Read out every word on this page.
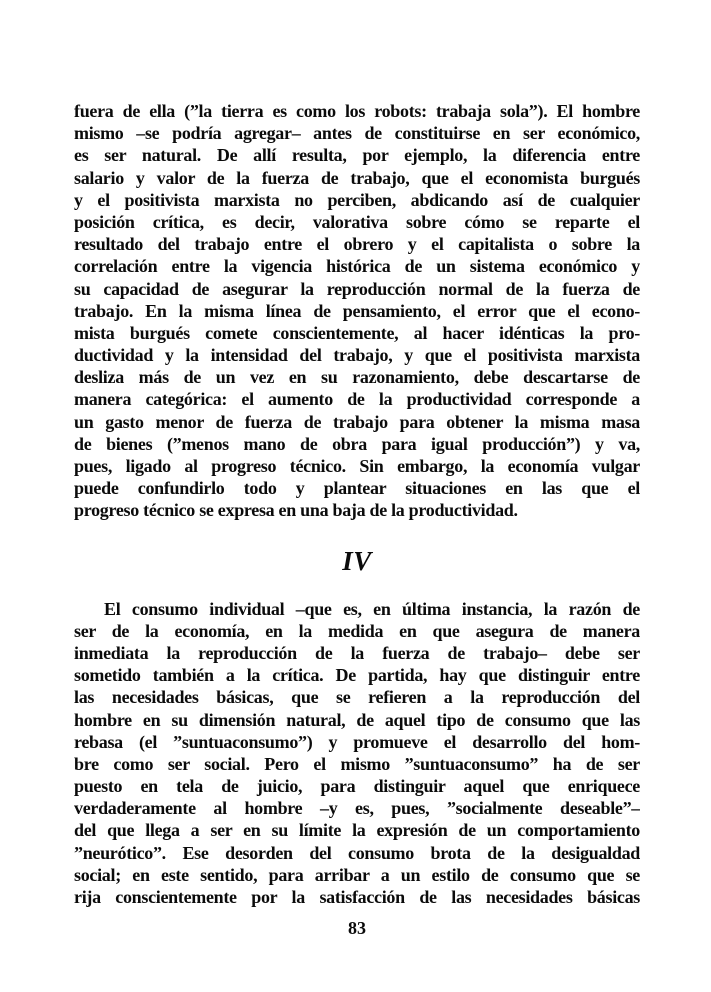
fuera de ella (”la tierra es como los robots: trabaja sola”). El hombre
mismo –se podría agregar– antes de constituirse en ser económico,
es ser natural. De allí resulta, por ejemplo, la diferencia entre
salario y valor de la fuerza de trabajo, que el economista burgués
y el positivista marxista no perciben, abdicando así de cualquier
posición crítica, es decir, valorativa sobre cómo se reparte el
resultado del trabajo entre el obrero y el capitalista o sobre la
correlación entre la vigencia histórica de un sistema económico y
su capacidad de asegurar la reproducción normal de la fuerza de
trabajo. En la misma línea de pensamiento, el error que el econo-
mista burgués comete conscientemente, al hacer idénticas la pro-
ductividad y la intensidad del trabajo, y que el positivista marxista
desliza más de un vez en su razonamiento, debe descartarse de
manera categórica: el aumento de la productividad corresponde a
un gasto menor de fuerza de trabajo para obtener la misma masa
de bienes (”menos mano de obra para igual producción”) y va,
pues, ligado al progreso técnico. Sin embargo, la economía vulgar
puede confundirlo todo y plantear situaciones en las que el
progreso técnico se expresa en una baja de la productividad.
IV
El consumo individual –que es, en última instancia, la razón de
ser de la economía, en la medida en que asegura de manera
inmediata la reproducción de la fuerza de trabajo– debe ser
sometido también a la crítica. De partida, hay que distinguir entre
las necesidades básicas, que se refieren a la reproducción del
hombre en su dimensión natural, de aquel tipo de consumo que las
rebasa (el ”suntuaconsumo”) y promueve el desarrollo del hom-
bre como ser social. Pero el mismo ”suntuaconsumo” ha de ser
puesto en tela de juicio, para distinguir aquel que enriquece
verdaderamente al hombre –y es, pues, ”socialmente deseable”–
del que llega a ser en su límite la expresión de un comportamiento
”neurótico”. Ese desorden del consumo brota de la desigualdad
social; en este sentido, para arribar a un estilo de consumo que se
rija conscientemente por la satisfacción de las necesidades básicas
83
